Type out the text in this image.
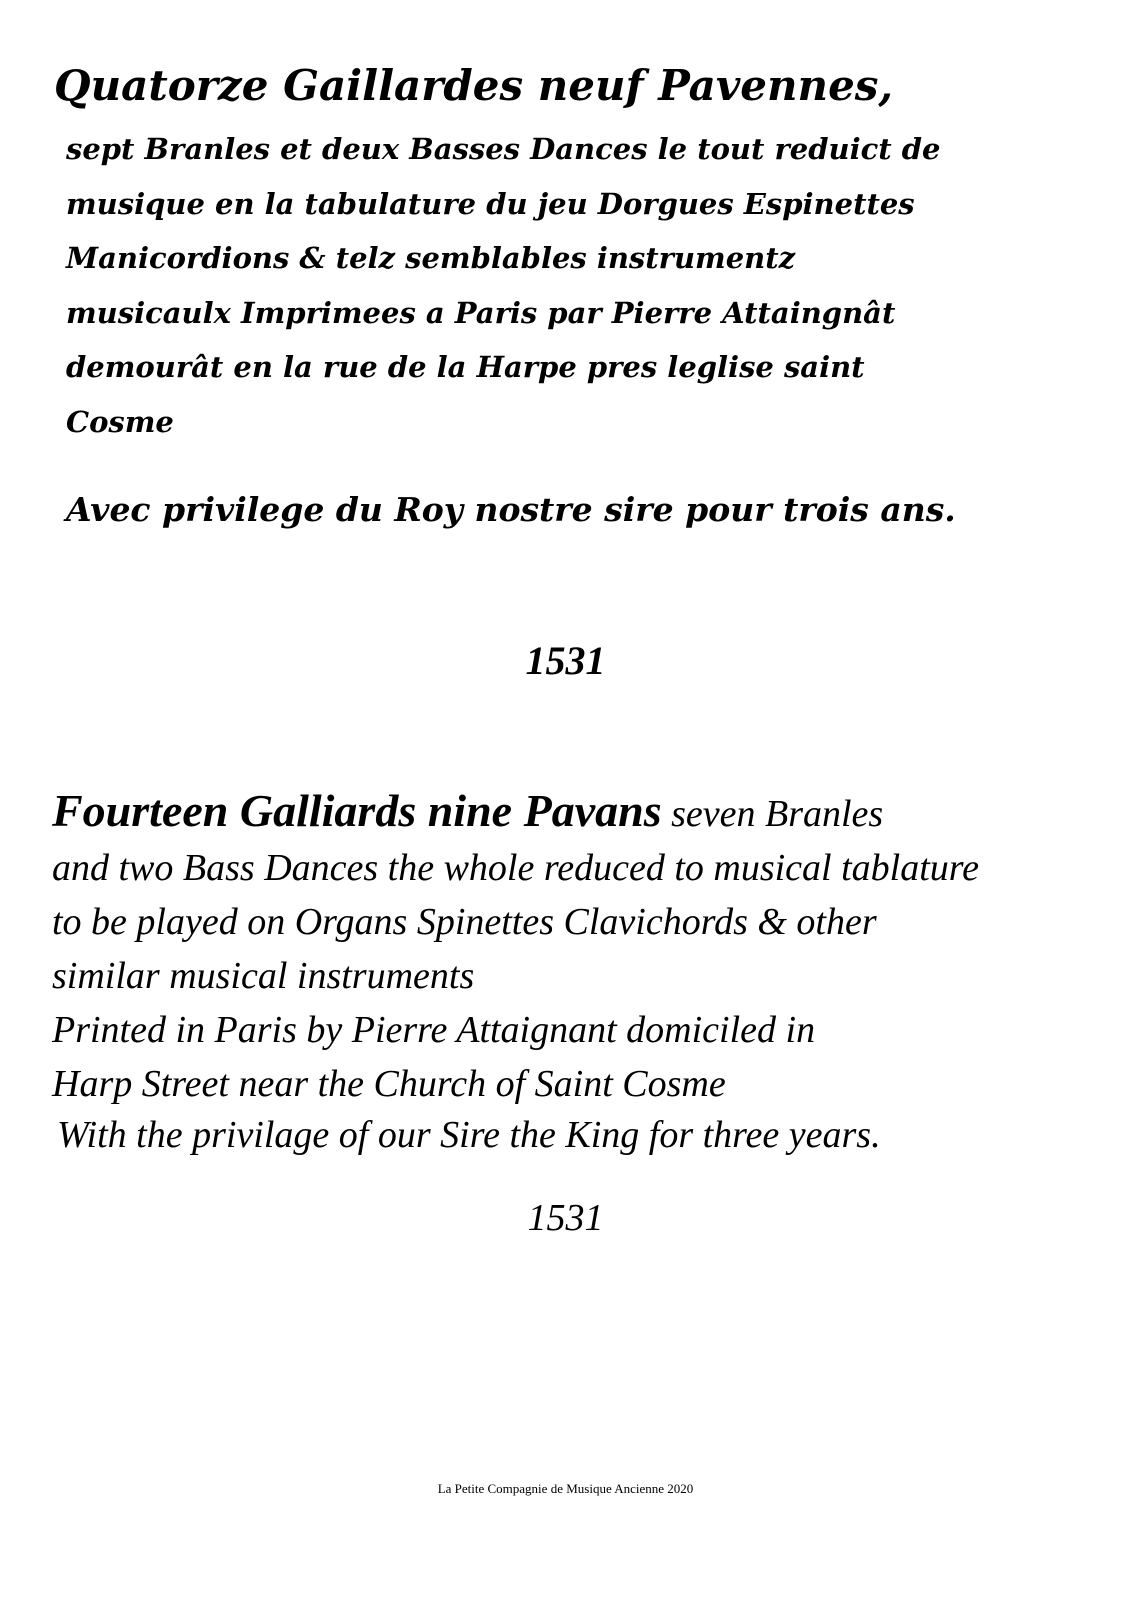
Quatorze Gaillardes neuf Pavennes,
sept Branles et deux Basses Dances le tout reduict de
musique en la tabulature du jeu Dorgues Espinettes
Manicordions & telz semblables instrumentz
musicaulx Imprimees a Paris par Pierre Attaingnât
demourât en la rue de la Harpe pres leglise saint
Cosme
Avec privilege du Roy nostre sire pour trois ans.
1531
Fourteen Galliards nine Pavans seven Branles
and two Bass Dances the whole reduced to musical tablature
to be played on Organs Spinettes Clavichords & other
similar musical instruments
Printed in Paris by Pierre Attaignant domiciled in
Harp Street near the Church of Saint Cosme
With the privilage of our Sire the King for three years.
1531
La Petite Compagnie de Musique Ancienne 2020
